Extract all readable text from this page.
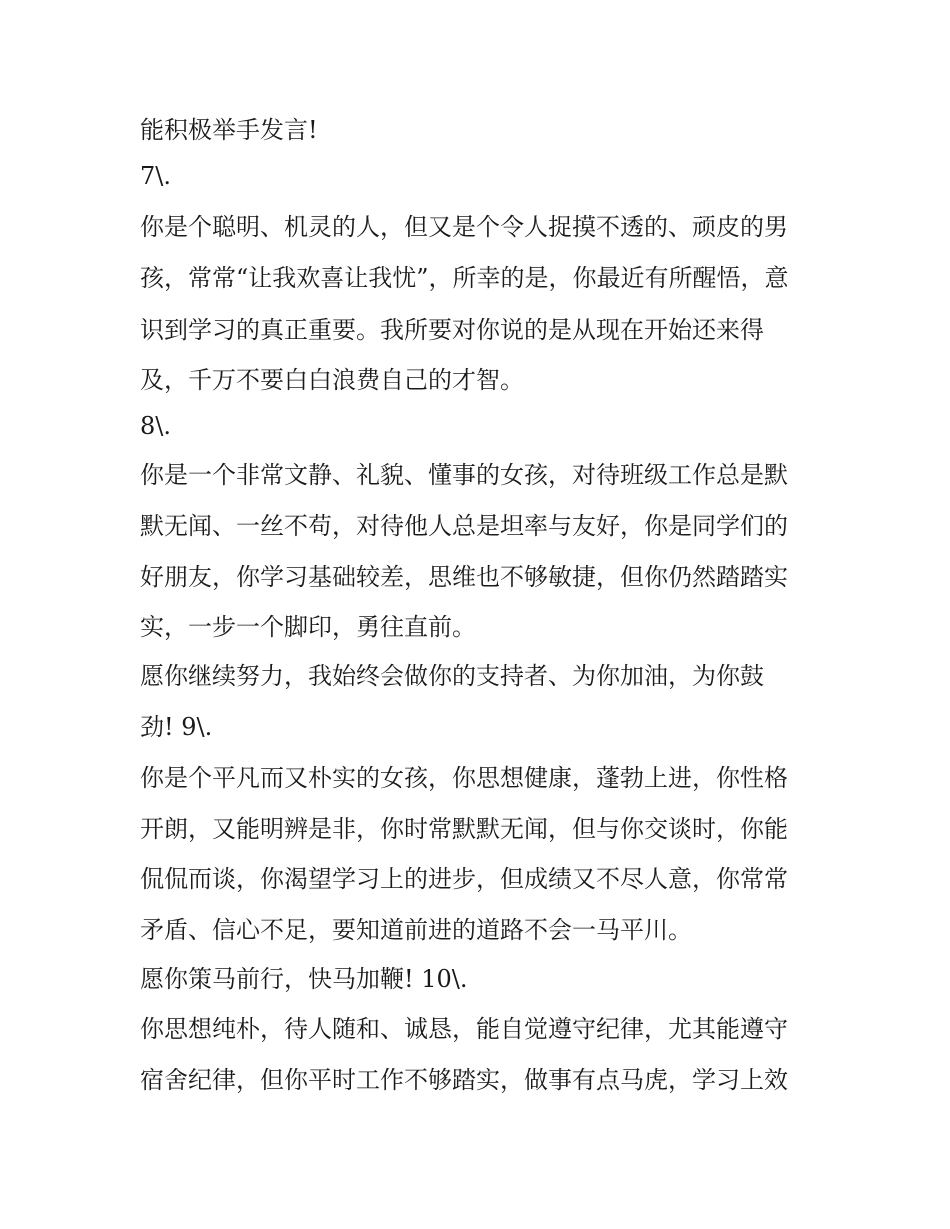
能积极举手发言!
7\.
你是个聪明、机灵的人，但又是个令人捉摸不透的、顽皮的男
孩，常常“让我欢喜让我忧”，所幸的是，你最近有所醒悟，意
识到学习的真正重要。我所要对你说的是从现在开始还来得
及，千万不要白白浪费自己的才智。
8\.
你是一个非常文静、礼貌、懂事的女孩，对待班级工作总是默
默无闻、一丝不苟，对待他人总是坦率与友好，你是同学们的
好朋友，你学习基础较差，思维也不够敏捷，但你仍然踏踏实
实，一步一个脚印，勇往直前。
愿你继续努力，我始终会做你的支持者、为你加油，为你鼓
劲! 9\.
你是个平凡而又朴实的女孩，你思想健康，蓬勃上进，你性格
开朗，又能明辨是非，你时常默默无闻，但与你交谈时，你能
侃侃而谈，你渴望学习上的进步，但成绩又不尽人意，你常常
矛盾、信心不足，要知道前进的道路不会一马平川。
愿你策马前行，快马加鞭! 10\.
你思想纯朴，待人随和、诚恳，能自觉遵守纪律，尤其能遵守
宿舍纪律，但你平时工作不够踏实，做事有点马虎，学习上效
